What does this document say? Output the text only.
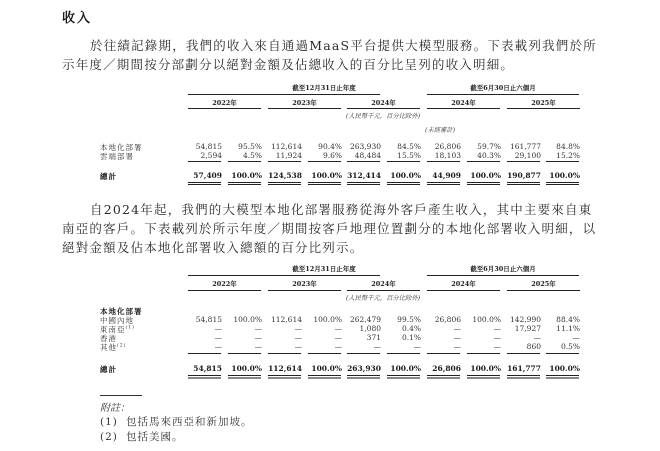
收入
於往績記錄期，我們的收入來自通過MaaS平台提供大模型服務。下表載列我們於所示年度／期間按分部劃分以絕對金額及佔總收入的百分比呈列的收入明細。
截至12月31日止年度	截至6月30日止六個月
2022年	2023年	2024年	2024年	2025年
(人民幣千元，百分比除外)
(未經審計)
本地化部署	54,815	95.5%	112,614	90.4%	263,930	84.5%	26,806	59.7%	161,777	84.8%
雲端部署	2,594	4.5%	11,924	9.6%	48,484	15.5%	18,103	40.3%	29,100	15.2%
總計	57,409	100.0% 124,538	100.0% 312,414	100.0%	44,909	100.0% 190,877	100.0%
自2024年起，我們的大模型本地化部署服務從海外客戶產生收入，其中主要來自東南亞的客戶。下表載列於所示年度／期間按客戶地理位置劃分的本地化部署收入明細，以絕對金額及佔本地化部署收入總額的百分比列示。
截至12月31日止年度	截至6月30日止六個月
2022年	2023年	2024年	2024年	2025年
(人民幣千元，百分比除外)
本地化部署
中國內地	54,815	100.0%	112,614	100.0%	262,479	99.5%	26,806	100.0%	142,990	88.4%
東南亞$^{(1)}$	—	—	—	—	1,080	0.4%	—	—	17,927	11.1%
香港	—	—	—	—	371	0.1%	—	—	—	—
其他$^{(2)}$	—	—	—	—	—	—	—	—	860	0.5%
總計	54,815	100.0% 112,614	100.0% 263,930	100.0%	26,806	100.0% 161,777	100.0%
附註：
(1) 包括馬來西亞和新加坡。
(2) 包括美國。
